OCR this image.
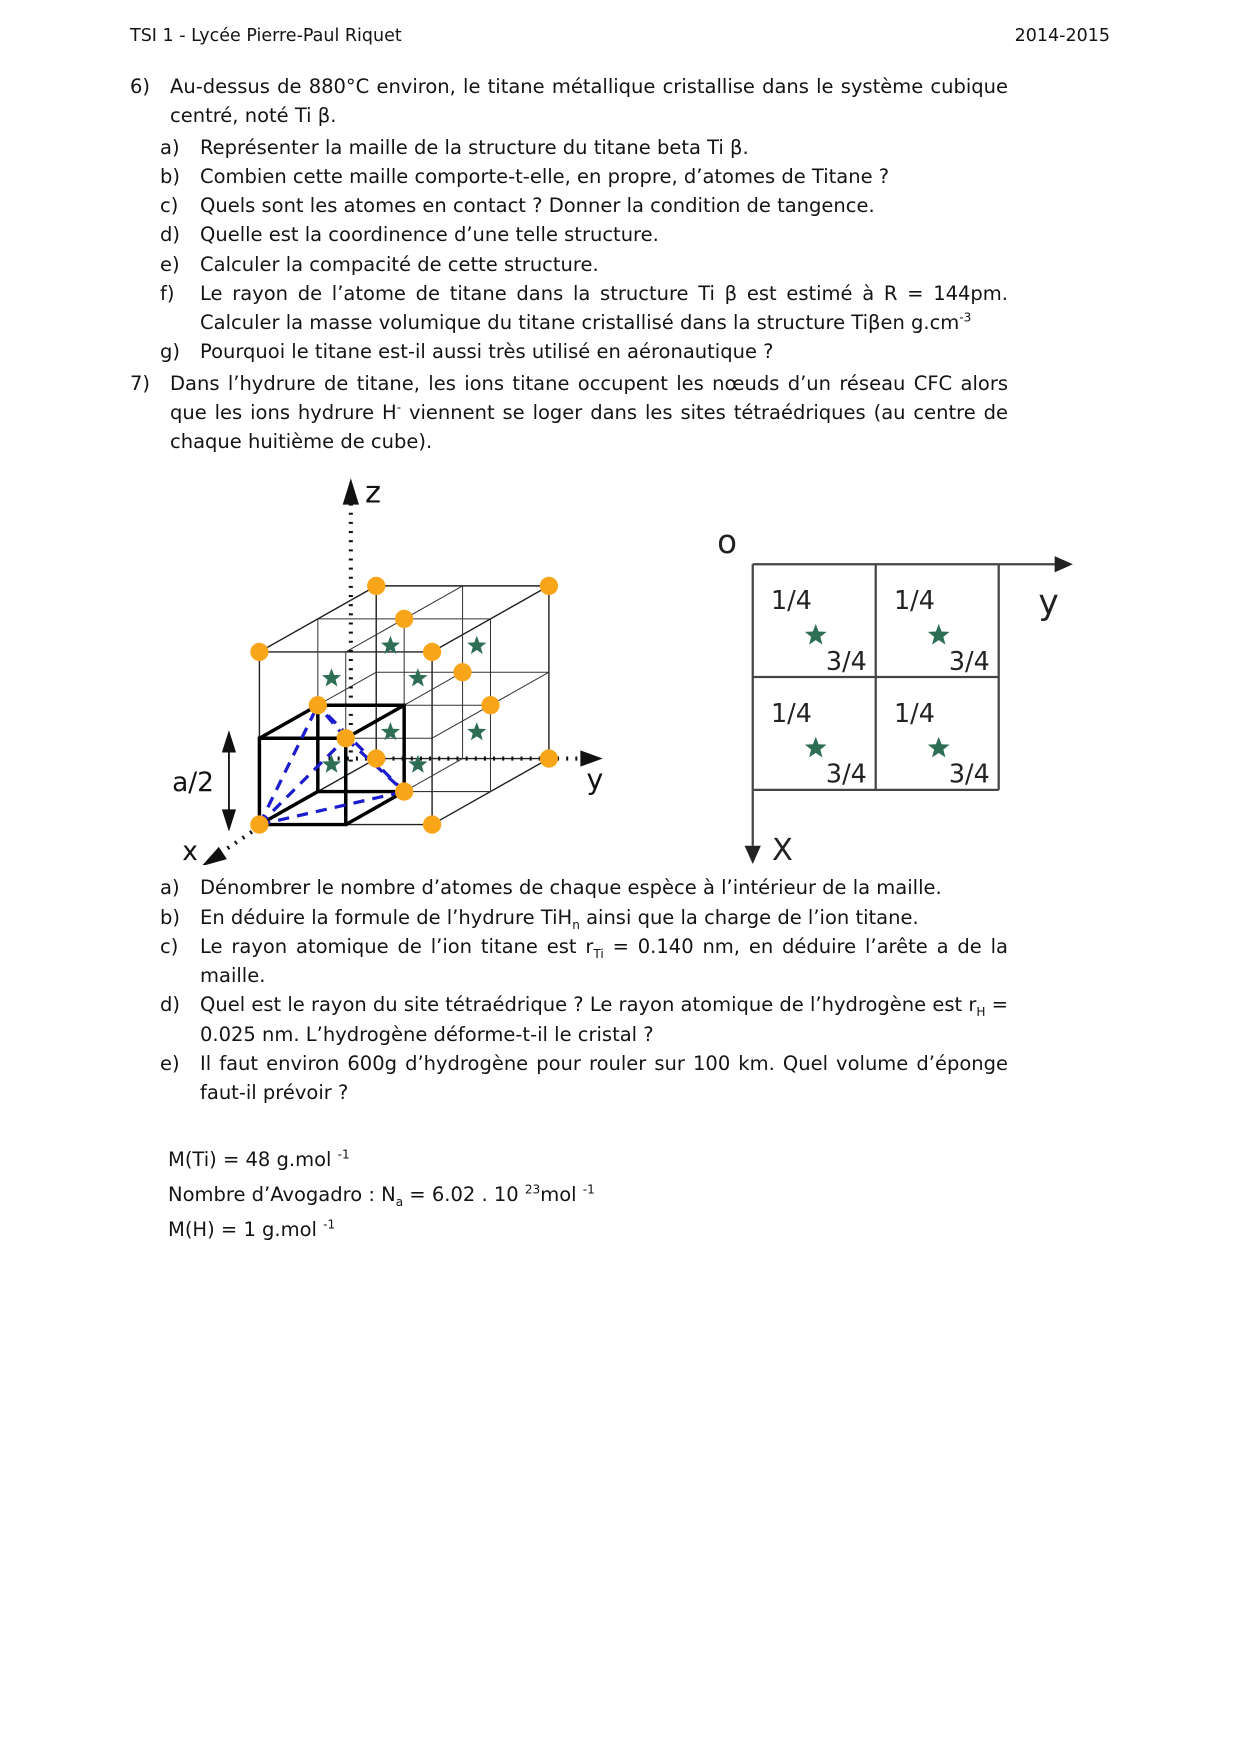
TSI 1 - Lycée Pierre-Paul Riquet	2014-2015
6)	Au-dessus de 880°C environ, le titane métallique cristallise dans le système cubique centré, noté Ti β.
a)	Représenter la maille de la structure du titane beta Ti β.
b)	Combien cette maille comporte-t-elle, en propre, d’atomes de Titane ?
c)	Quels sont les atomes en contact ? Donner la condition de tangence.
d)	Quelle est la coordinence d’une telle structure.
e)	Calculer la compacité de cette structure.
f)	Le rayon de l’atome de titane dans la structure Ti β est estimé à R = 144pm. Calculer la masse volumique du titane cristallisé dans la structure Tiβen $g.cm^{-3}$
g)	Pourquoi le titane est-il aussi très utilisé en aéronautique ?
7)	Dans l’hydrure de titane, les ions titane occupent les nœuds d’un réseau CFC alors que les ions hydrure H- viennent se loger dans les sites tétraédriques (au centre de chaque huitième de cube).
z
y
x
a/2
o
y
X
1/4
3/4
1/4
3/4
1/4
3/4
1/4
3/4
a)	Dénombrer le nombre d’atomes de chaque espèce à l’intérieur de la maille.
b)	En déduire la formule de l’hydrure TiH$_n$ ainsi que la charge de l’ion titane.
c)	Le rayon atomique de l’ion titane est $r_{Ti} = 0.140$ nm, en déduire l’arête a de la maille.
d)	Quel est le rayon du site tétraédrique ? Le rayon atomique de l’hydrogène est $r_H = 0.025$ nm. L’hydrogène déforme-t-il le cristal ?
e)	Il faut environ 600g d’hydrogène pour rouler sur 100 km. Quel volume d’éponge faut-il prévoir ?
M(Ti) = 48 g.mol $^{-1}$
Nombre d’Avogadro : $N_a = 6.02$ . 10 $^{23}$mol $^{-1}$
M(H) = 1 g.mol $^{-1}$
